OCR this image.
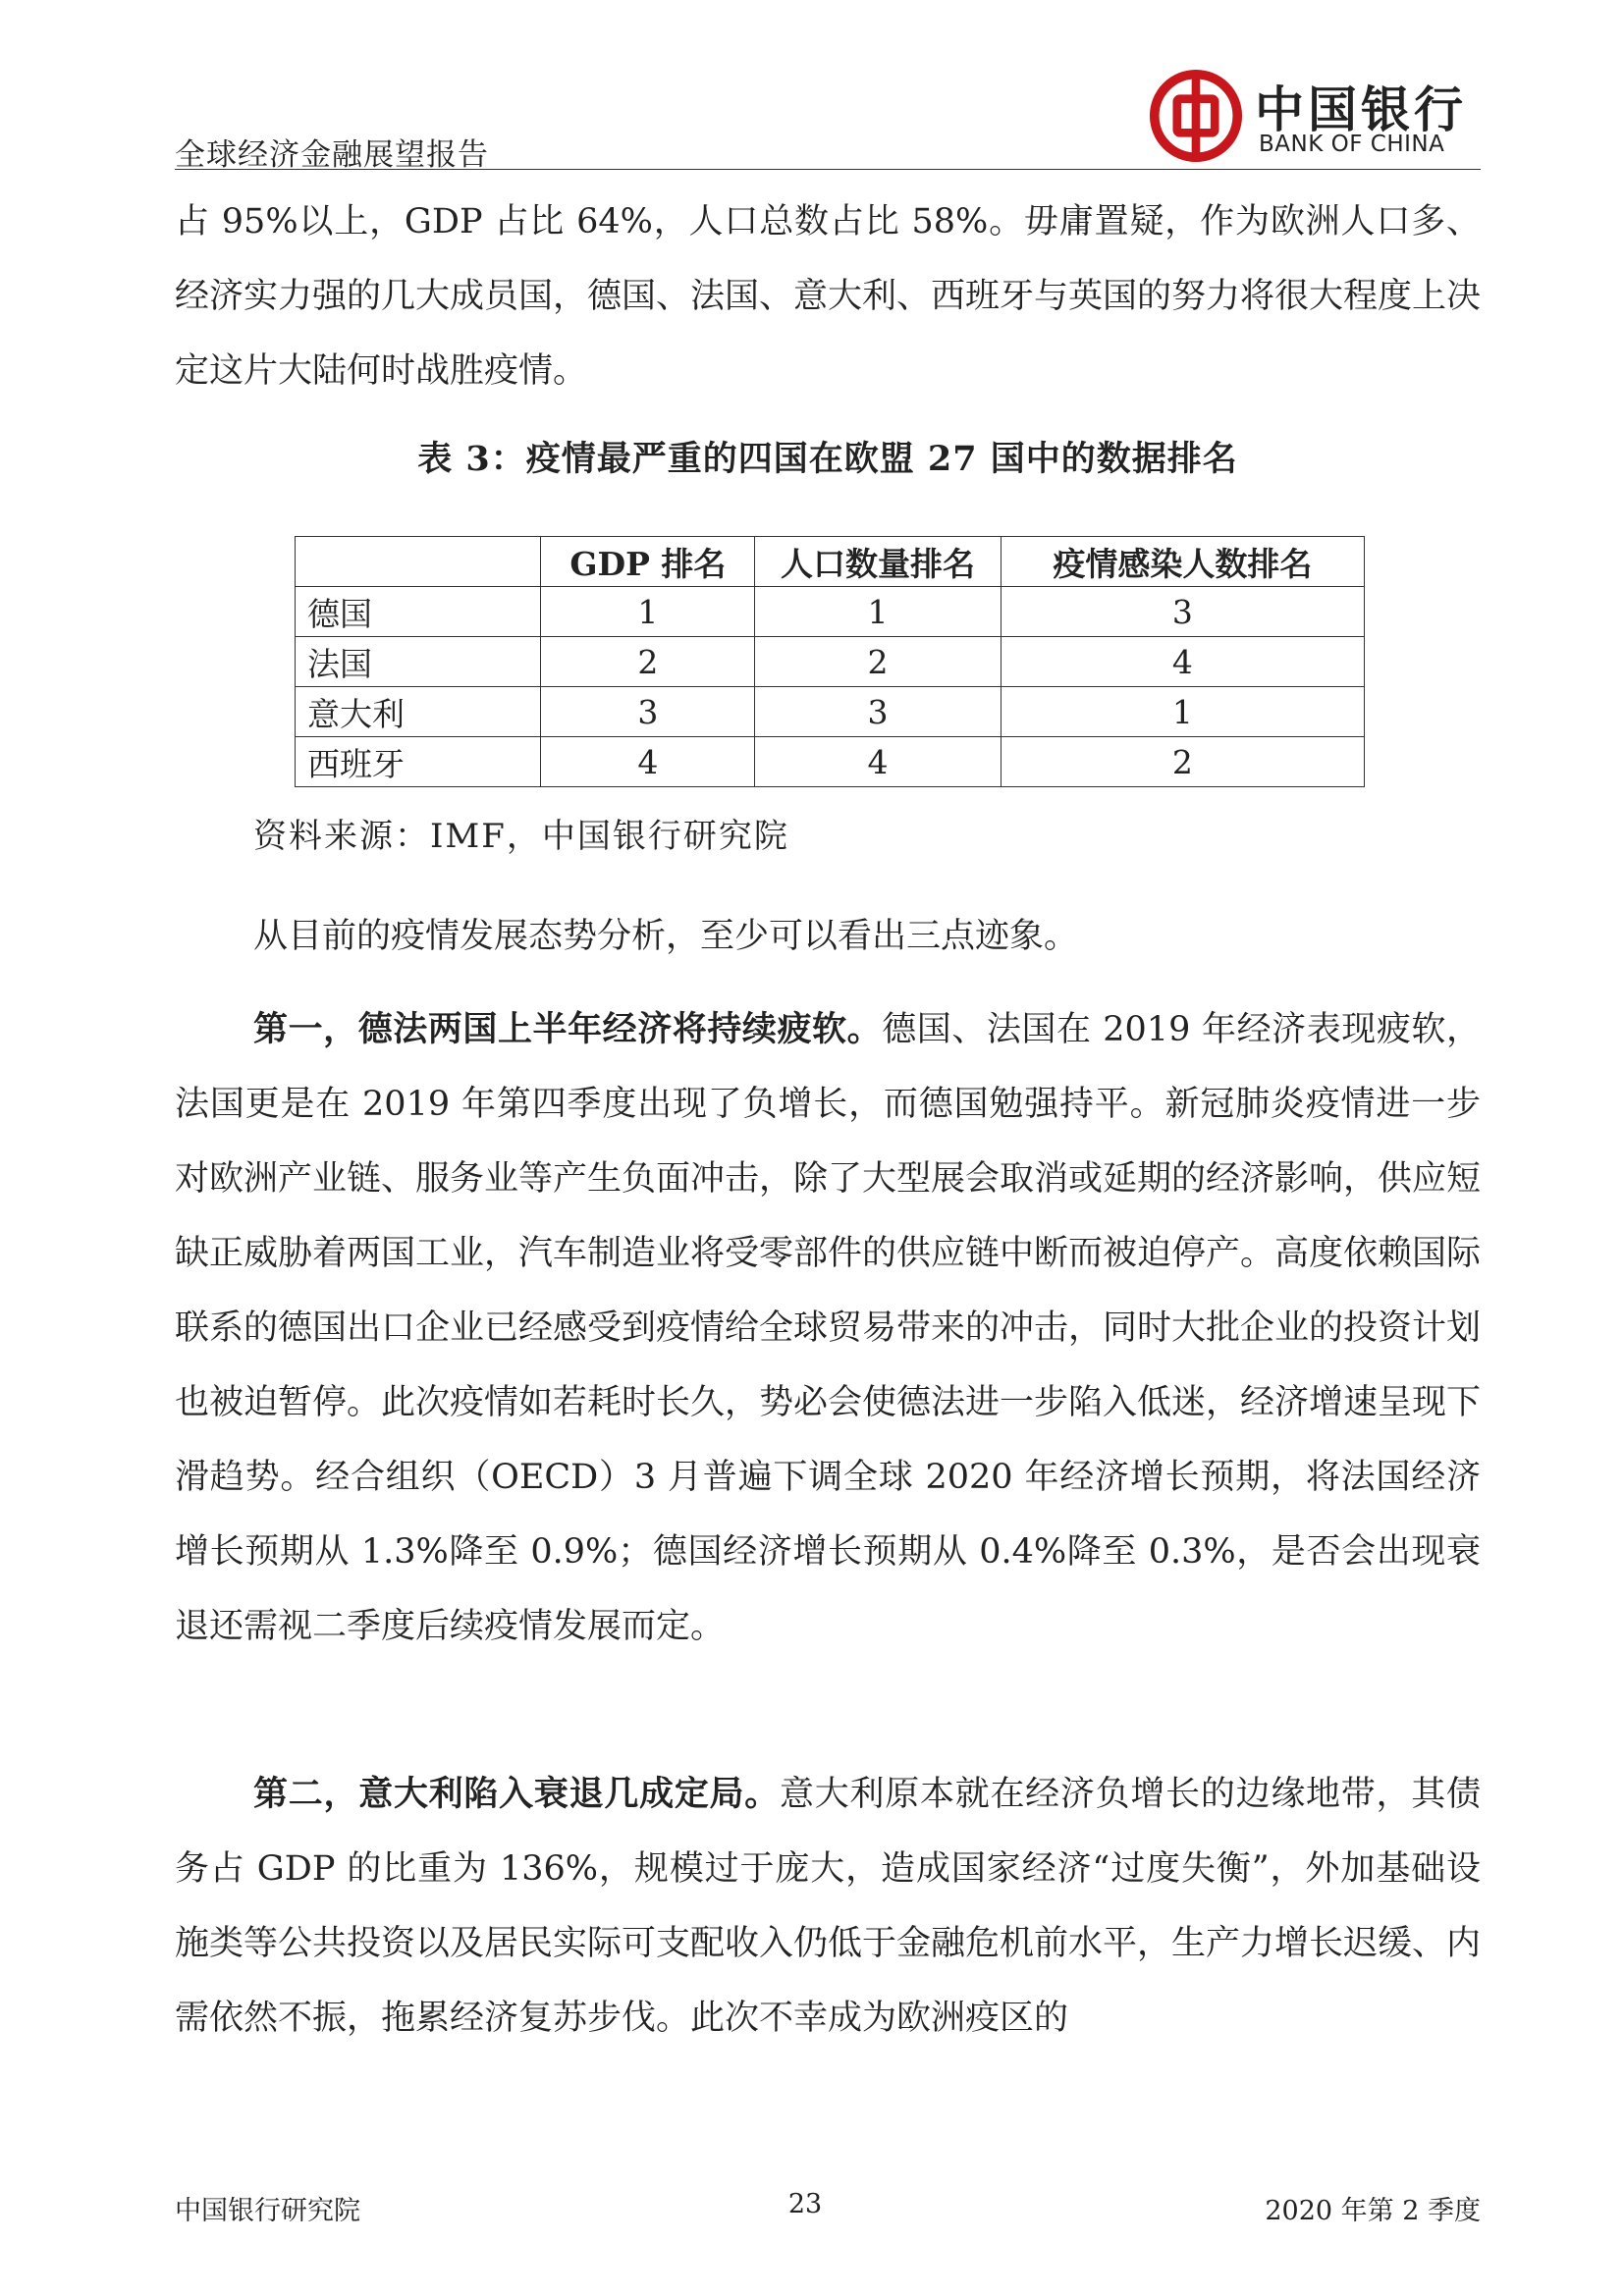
全球经济金融展望报告
中国银行
BANK OF CHINA
占 95%以上，GDP 占比 64%，人口总数占比 58%。毋庸置疑，作为欧洲人口多、经济实力强的几大成员国，德国、法国、意大利、西班牙与英国的努力将很大程度上决定这片大陆何时战胜疫情。
表 3：疫情最严重的四国在欧盟 27 国中的数据排名
	GDP 排名	人口数量排名	疫情感染人数排名
德国	1	1	3
法国	2	2	4
意大利	3	3	1
西班牙	4	4	2
资料来源：IMF，中国银行研究院
从目前的疫情发展态势分析，至少可以看出三点迹象。
第一，德法两国上半年经济将持续疲软。德国、法国在 2019 年经济表现疲软，法国更是在 2019 年第四季度出现了负增长，而德国勉强持平。新冠肺炎疫情进一步对欧洲产业链、服务业等产生负面冲击，除了大型展会取消或延期的经济影响，供应短缺正威胁着两国工业，汽车制造业将受零部件的供应链中断而被迫停产。高度依赖国际联系的德国出口企业已经感受到疫情给全球贸易带来的冲击，同时大批企业的投资计划也被迫暂停。此次疫情如若耗时长久，势必会使德法进一步陷入低迷，经济增速呈现下滑趋势。经合组织（OECD）3 月普遍下调全球 2020 年经济增长预期，将法国经济增长预期从 1.3%降至 0.9%；德国经济增长预期从 0.4%降至 0.3%，是否会出现衰退还需视二季度后续疫情发展而定。
第二，意大利陷入衰退几成定局。意大利原本就在经济负增长的边缘地带，其债务占 GDP 的比重为 136%，规模过于庞大，造成国家经济“过度失衡”，外加基础设施类等公共投资以及居民实际可支配收入仍低于金融危机前水平，生产力增长迟缓、内需依然不振，拖累经济复苏步伐。此次不幸成为欧洲疫区的
中国银行研究院	23	2020 年第 2 季度
